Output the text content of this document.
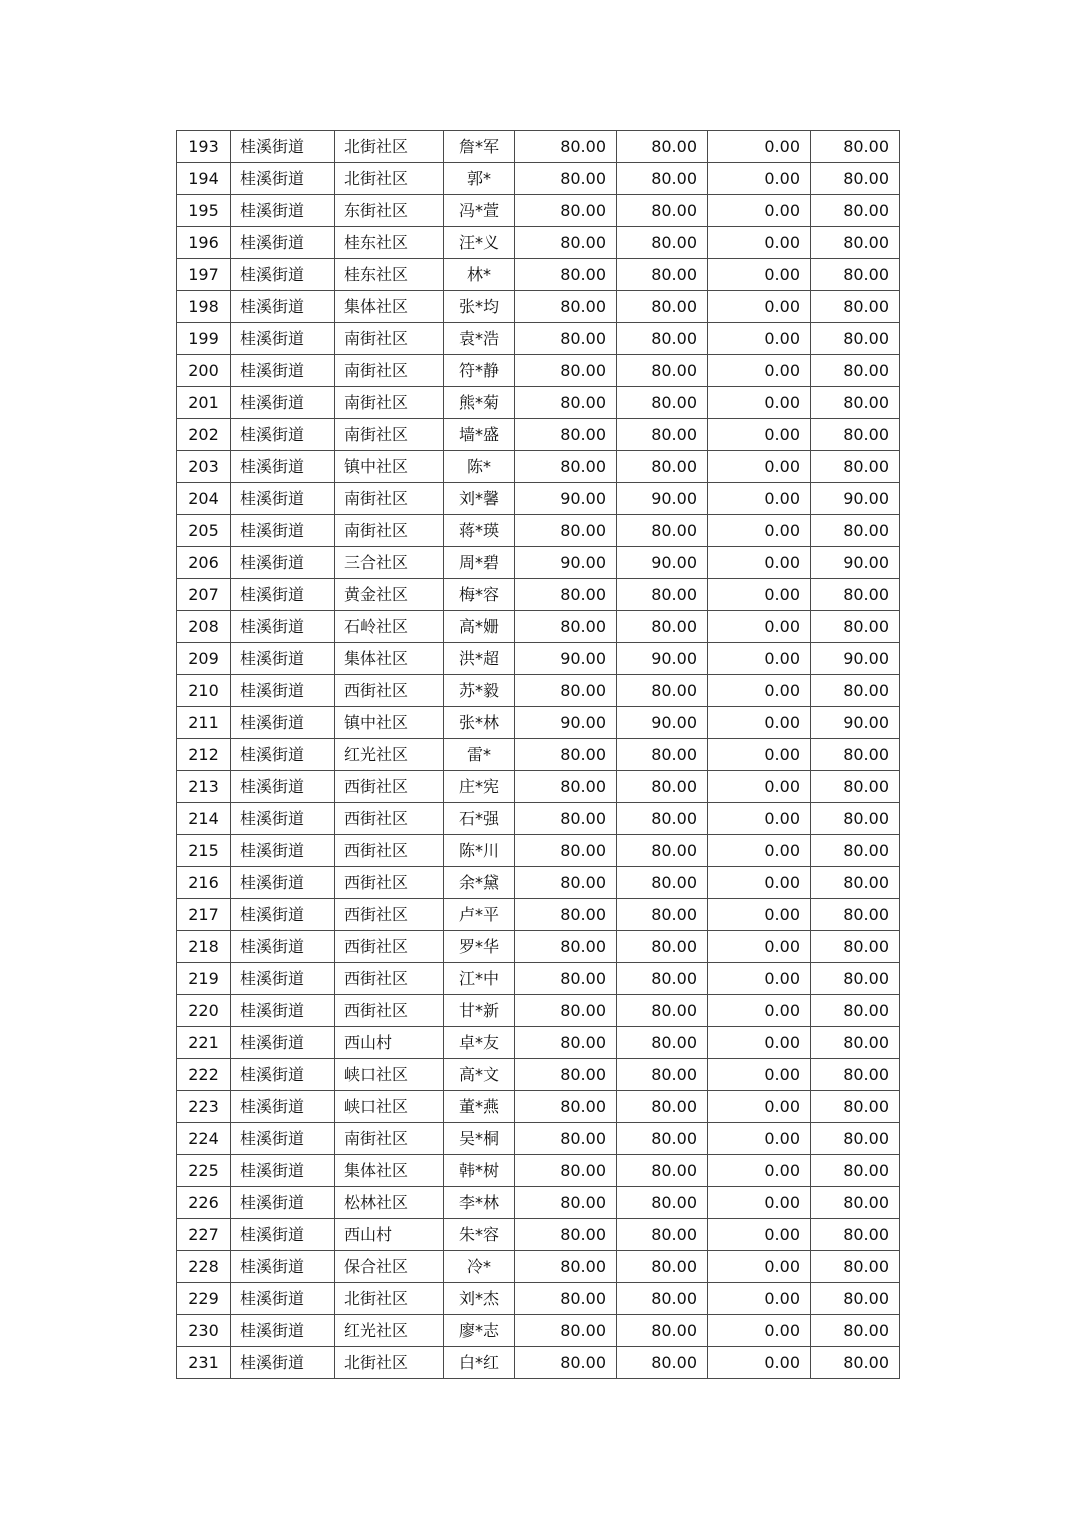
193	桂溪街道	北街社区	詹*军	80.00	80.00	0.00	80.00
194	桂溪街道	北街社区	郭*	80.00	80.00	0.00	80.00
195	桂溪街道	东街社区	冯*萱	80.00	80.00	0.00	80.00
196	桂溪街道	桂东社区	汪*义	80.00	80.00	0.00	80.00
197	桂溪街道	桂东社区	林*	80.00	80.00	0.00	80.00
198	桂溪街道	集体社区	张*均	80.00	80.00	0.00	80.00
199	桂溪街道	南街社区	袁*浩	80.00	80.00	0.00	80.00
200	桂溪街道	南街社区	符*静	80.00	80.00	0.00	80.00
201	桂溪街道	南街社区	熊*菊	80.00	80.00	0.00	80.00
202	桂溪街道	南街社区	墙*盛	80.00	80.00	0.00	80.00
203	桂溪街道	镇中社区	陈*	80.00	80.00	0.00	80.00
204	桂溪街道	南街社区	刘*馨	90.00	90.00	0.00	90.00
205	桂溪街道	南街社区	蒋*瑛	80.00	80.00	0.00	80.00
206	桂溪街道	三合社区	周*碧	90.00	90.00	0.00	90.00
207	桂溪街道	黄金社区	梅*容	80.00	80.00	0.00	80.00
208	桂溪街道	石岭社区	高*姗	80.00	80.00	0.00	80.00
209	桂溪街道	集体社区	洪*超	90.00	90.00	0.00	90.00
210	桂溪街道	西街社区	苏*毅	80.00	80.00	0.00	80.00
211	桂溪街道	镇中社区	张*林	90.00	90.00	0.00	90.00
212	桂溪街道	红光社区	雷*	80.00	80.00	0.00	80.00
213	桂溪街道	西街社区	庄*宪	80.00	80.00	0.00	80.00
214	桂溪街道	西街社区	石*强	80.00	80.00	0.00	80.00
215	桂溪街道	西街社区	陈*川	80.00	80.00	0.00	80.00
216	桂溪街道	西街社区	余*黛	80.00	80.00	0.00	80.00
217	桂溪街道	西街社区	卢*平	80.00	80.00	0.00	80.00
218	桂溪街道	西街社区	罗*华	80.00	80.00	0.00	80.00
219	桂溪街道	西街社区	江*中	80.00	80.00	0.00	80.00
220	桂溪街道	西街社区	甘*新	80.00	80.00	0.00	80.00
221	桂溪街道	西山村	卓*友	80.00	80.00	0.00	80.00
222	桂溪街道	峡口社区	高*文	80.00	80.00	0.00	80.00
223	桂溪街道	峡口社区	董*燕	80.00	80.00	0.00	80.00
224	桂溪街道	南街社区	吴*桐	80.00	80.00	0.00	80.00
225	桂溪街道	集体社区	韩*树	80.00	80.00	0.00	80.00
226	桂溪街道	松林社区	李*林	80.00	80.00	0.00	80.00
227	桂溪街道	西山村	朱*容	80.00	80.00	0.00	80.00
228	桂溪街道	保合社区	冷*	80.00	80.00	0.00	80.00
229	桂溪街道	北街社区	刘*杰	80.00	80.00	0.00	80.00
230	桂溪街道	红光社区	廖*志	80.00	80.00	0.00	80.00
231	桂溪街道	北街社区	白*红	80.00	80.00	0.00	80.00
